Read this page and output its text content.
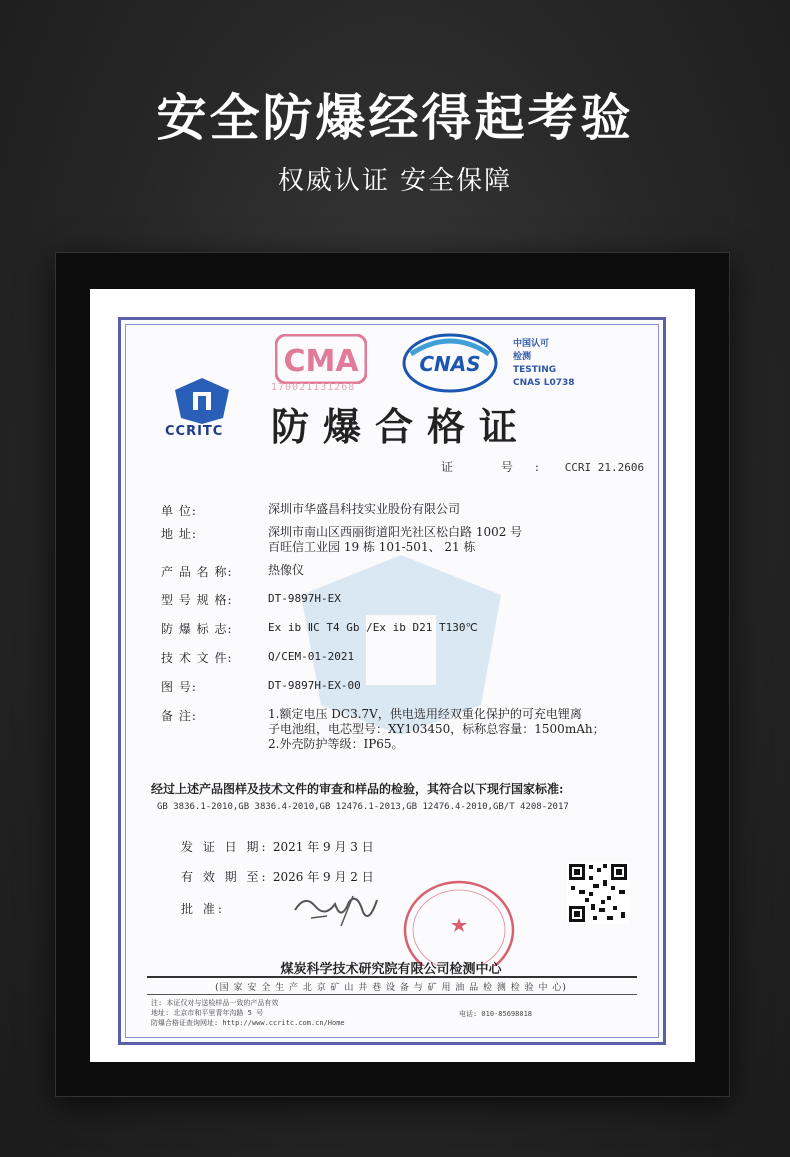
安全防爆经得起考验
权威认证 安全保障
CMA
170021131268
CNAS
中国认可
检测
TESTING
CNAS L0738
CCRITC 防爆合格证
证 号: CCRI 21.2606
单 位:	深圳市华盛昌科技实业股份有限公司
地 址:	深圳市南山区西丽街道阳光社区松白路 1002 号
百旺信工业园 19 栋 101-501、 21 栋
产 品 名 称:	热像仪
型 号 规 格:	DT-9897H-EX
防 爆 标 志:	Ex ib ⅡC T4 Gb /Ex ib D21 T130℃
技 术 文 件:	Q/CEM-01-2021
图 号:	DT-9897H-EX-00
备 注:	1.额定电压 DC3.7V，供电选用经双重化保护的可充电锂离
子电池组，电芯型号：XY103450，标称总容量：1500mAh；
2.外壳防护等级：IP65。
经过上述产品图样及技术文件的审查和样品的检验，其符合以下现行国家标准:
GB 3836.1-2010,GB 3836.4-2010,GB 12476.1-2013,GB 12476.4-2010,GB/T 4208-2017
发 证 日 期: 2021 年 9 月 3 日
有 效 期 至: 2026 年 9 月 2 日
批 准:
煤炭科学技术研究院有限公司检测中心
(国 家 安 全 生 产 北 京 矿 山 井 巷 设 备 与 矿 用 油 品 检 测 检 验 中 心)
注: 本证仅对与送检样品一致的产品有效
地址: 北京市和平里青年沟路 5 号
防爆合格证查询网址: http://www.ccritc.com.cn/Home
电话: 010-85698018
